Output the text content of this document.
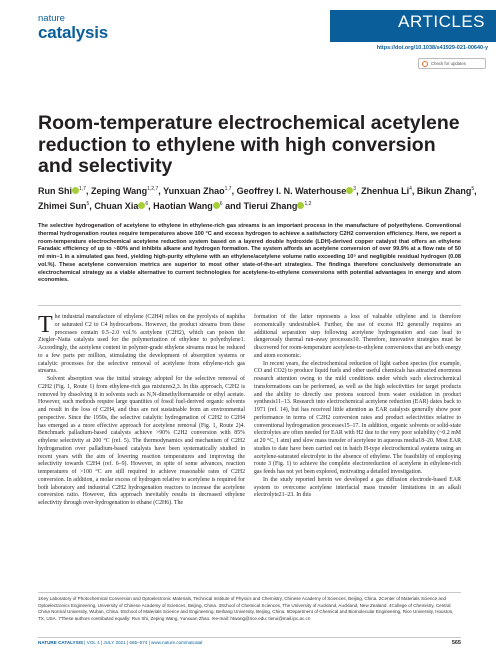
nature
catalysis
ARTICLES
https://doi.org/10.1038/s41929-021-00640-y
Check for updates
Room-temperature electrochemical acetylene reduction to ethylene with high conversion and selectivity
Run Shi $^{1,7}$, Zeping Wang$^{1,2,7}$, Yunxuan Zhao$^{1,7}$, Geoffrey I. N. Waterhouse $^3$, Zhenhua Li$^4$, Bikun Zhang$^5$, Zhimei Sun$^5$, Chuan Xia $^6$, Haotian Wang $^6$ and Tierui Zhang $^{1,2}$
The selective hydrogenation of acetylene to ethylene in ethylene-rich gas streams is an important process in the manufacture of polyethylene. Conventional thermal hydrogenation routes require temperatures above 100 °C and excess hydrogen to achieve a satisfactory C2H2 conversion efficiency. Here, we report a room-temperature electrochemical acetylene reduction system based on a layered double hydroxide (LDH)-derived copper catalyst that offers an ethylene Faradaic efficiency of up to ~80% and inhibits alkane and hydrogen formation. The system affords an acetylene conversion of over 99.9% at a flow rate of 50 ml min−1 in a simulated gas feed, yielding high-purity ethylene with an ethylene/acetylene volume ratio exceeding 10⁵ and negligible residual hydrogen (0.08 vol.%). These acetylene conversion metrics are superior to most other state-of-the-art strategies. The findings therefore conclusively demonstrate an electrochemical strategy as a viable alternative to current technologies for acetylene-to-ethylene conversions with potential advantages in energy and atom economies.

The industrial manufacture of ethylene (C2H4) relies on the pyrolysis of naphtha or saturated C2 to C4 hydrocarbons. However, the product streams from these processes contain 0.5–2.0 vol.% acetylene (C2H2), which can poison the Ziegler–Natta catalysts used for the polymerization of ethylene to polyethylene1. Accordingly, the acetylene content in polymer-grade ethylene streams must be reduced to a few parts per million, stimulating the development of absorption systems or catalytic processes for the selective removal of acetylene from ethylene-rich gas streams.

Solvent absorption was the initial strategy adopted for the selective removal of C2H2 (Fig. 1, Route 1) from ethylene-rich gas mixtures2,3. In this approach, C2H2 is removed by dissolving it in solvents such as N,N-dimethylformamide or ethyl acetate. However, such methods require large quantities of fossil fuel-derived organic solvents and result in the loss of C2H4, and thus are not sustainable from an environmental perspective. Since the 1950s, the selective catalytic hydrogenation of C2H2 to C2H4 has emerged as a more effective approach for acetylene removal (Fig. 1, Route 2)4. Benchmark palladium-based catalysts achieve >90% C2H2 conversion with 85% ethylene selectivity at 200 °C (ref. 5). The thermodynamics and mechanism of C2H2 hydrogenation over palladium-based catalysts have been systematically studied in recent years with the aim of lowering reaction temperatures and improving the selectivity towards C2H4 (ref. 6–9). However, in spite of some advances, reaction temperatures of >100 °C are still required to achieve reasonable rates of C2H2 conversion. In addition, a molar excess of hydrogen relative to acetylene is required for both laboratory and industrial C2H2 hydrogenation reactors to increase the acetylene conversion ratio. However, this approach inevitably results in decreased ethylene selectivity through over-hydrogenation to ethane (C2H6). The

formation of the latter represents a loss of valuable ethylene and is therefore economically undesirable4. Further, the use of excess H2 generally requires an additional separation step following acetylene hydrogenation and can lead to dangerously thermal run-away processes10. Therefore, innovative strategies must be discovered for room-temperature acetylene-to-ethylene conversions that are both energy and atom economic.

In recent years, the electrochemical reduction of light carbon species (for example, CO and CO2) to produce liquid fuels and other useful chemicals has attracted enormous research attention owing to the mild conditions under which such electrochemical transformations can be performed, as well as the high selectivities for target products and the ability to directly use protons sourced from water oxidation in product synthesis11–13. Research into electrochemical acetylene reduction (EAR) dates back to 1971 (ref. 14), but has received little attention as EAR catalysts generally show poor performance in terms of C2H2 conversion rates and product selectivities relative to conventional hydrogenation processes15–17. In addition, organic solvents or solid-state electrolytes are often needed for EAR with H2 due to the very poor solubility (~0.2 mM at 20 °C, 1 atm) and slow mass transfer of acetylene in aqueous media18–20. Most EAR studies to date have been carried out in batch H-type electrochemical systems using an acetylene-saturated electrolyte in the absence of ethylene. The feasibility of employing route 3 (Fig. 1) to achieve the complete electroreduction of acetylene in ethylene-rich gas feeds has not yet been explored, motivating a detailed investigation.

In the study reported herein we developed a gas diffusion electrode-based EAR system to overcome acetylene interfacial mass transfer limitations in an alkali electrolyte21–23. In this

1Key Laboratory of Photochemical Conversion and Optoelectronic Materials, Technical Institute of Physics and Chemistry, Chinese Academy of Sciences, Beijing, China. 2Center of Materials Science and Optoelectronics Engineering, University of Chinese Academy of Sciences, Beijing, China. 3School of Chemical Sciences, The University of Auckland, Auckland, New Zealand. 4College of Chemistry, Central China Normal University, Wuhan, China. 5School of Materials Science and Engineering, Beihang University, Beijing, China. 6Department of Chemical and Biomolecular Engineering, Rice University, Houston, TX, USA. 7These authors contributed equally: Run Shi, Zeping Wang, Yunxuan Zhao. ✉e-mail: htwang@rice.edu; tierui@mail.ipc.ac.cn
NATURE CATALYSIS | VOL 4 | JULY 2021 | 565–574 | www.nature.com/natcatal	565
